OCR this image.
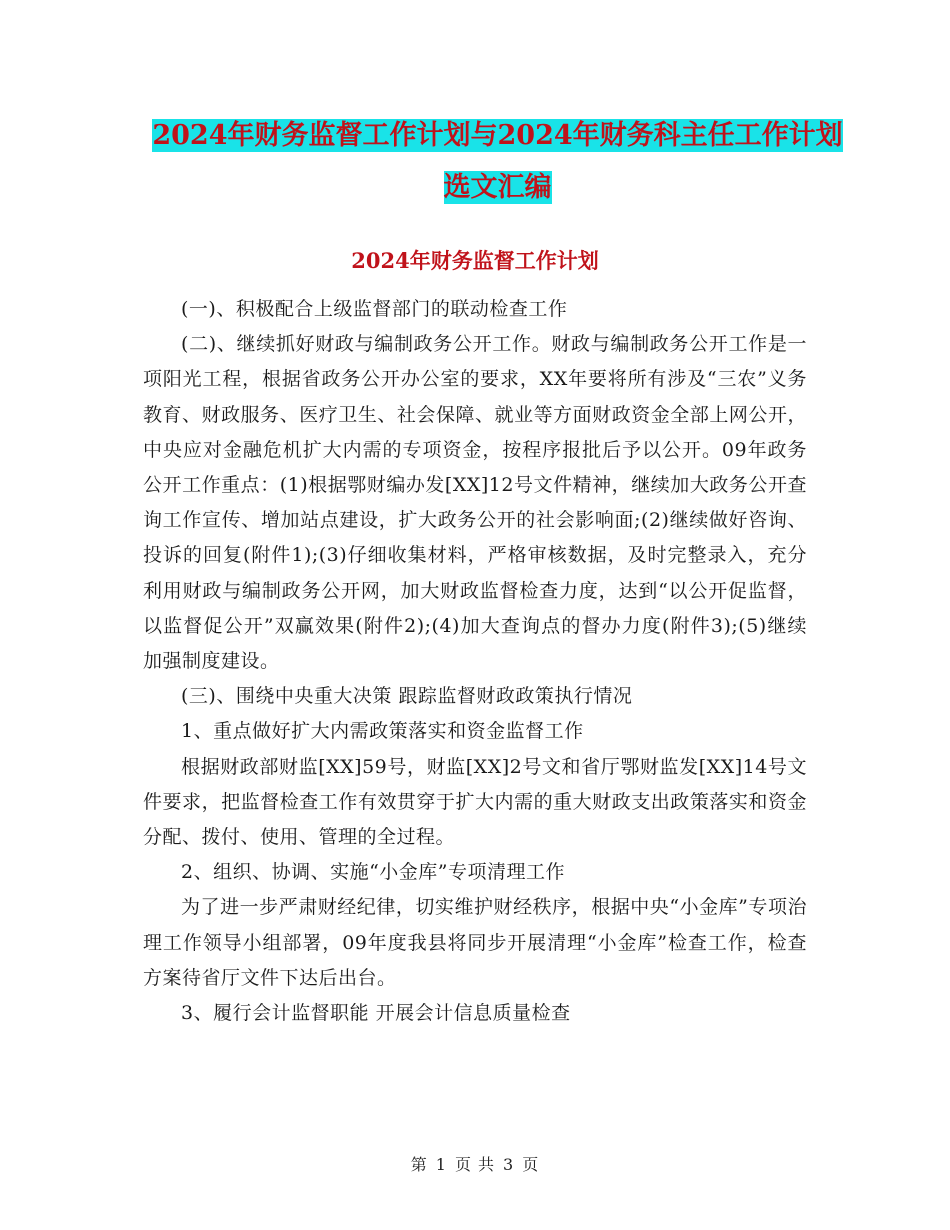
2024年财务监督工作计划与2024年财务科主任工作计划选文汇编
2024年财务监督工作计划

(一)、积极配合上级监督部门的联动检查工作

(二)、继续抓好财政与编制政务公开工作。财政与编制政务公开工作是一项阳光工程，根据省政务公开办公室的要求，XX年要将所有涉及“三农”义务教育、财政服务、医疗卫生、社会保障、就业等方面财政资金全部上网公开，中央应对金融危机扩大内需的专项资金，按程序报批后予以公开。09年政务公开工作重点：(1)根据鄂财编办发[XX]12号文件精神，继续加大政务公开查询工作宣传、增加站点建设，扩大政务公开的社会影响面;(2)继续做好咨询、投诉的回复(附件1);(3)仔细收集材料，严格审核数据，及时完整录入，充分利用财政与编制政务公开网，加大财政监督检查力度，达到“以公开促监督，以监督促公开”双赢效果(附件2);(4)加大查询点的督办力度(附件3);(5)继续加强制度建设。

(三)、围绕中央重大决策 跟踪监督财政政策执行情况

1、重点做好扩大内需政策落实和资金监督工作

根据财政部财监[XX]59号，财监[XX]2号文和省厅鄂财监发[XX]14号文件要求，把监督检查工作有效贯穿于扩大内需的重大财政支出政策落实和资金分配、拨付、使用、管理的全过程。

2、组织、协调、实施“小金库”专项清理工作

为了进一步严肃财经纪律，切实维护财经秩序，根据中央“小金库”专项治理工作领导小组部署，09年度我县将同步开展清理“小金库”检查工作，检查方案待省厅文件下达后出台。

3、履行会计监督职能 开展会计信息质量检查

第 1 页 共 3 页
